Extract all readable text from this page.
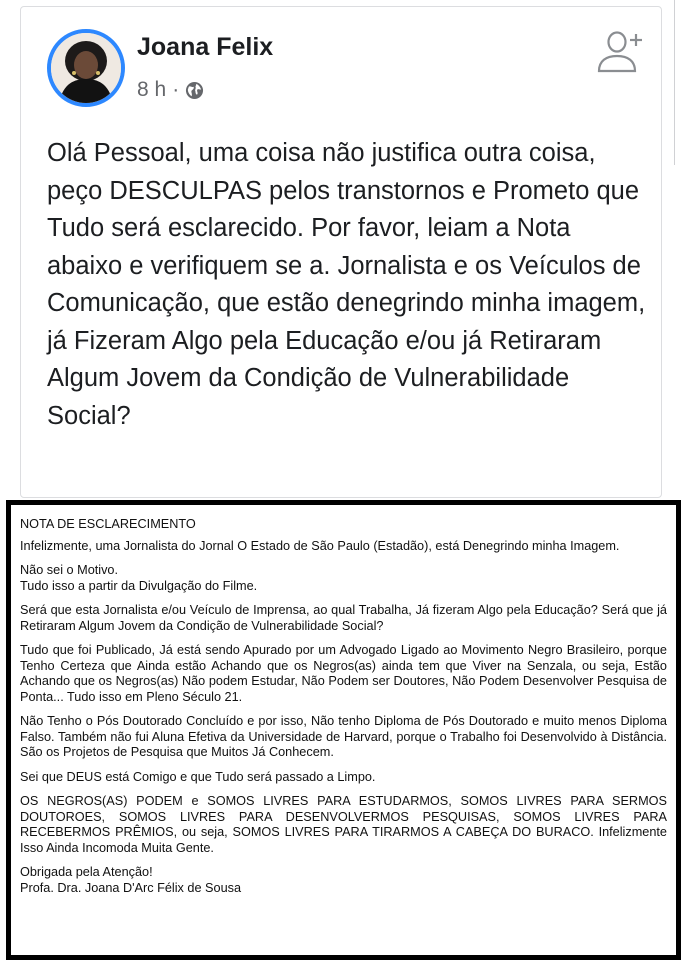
Joana Felix
8 h ·

Olá Pessoal, uma coisa não justifica outra coisa, peço DESCULPAS pelos transtornos e Prometo que Tudo será esclarecido. Por favor, leiam a Nota abaixo e verifiquem se a. Jornalista e os Veículos de Comunicação, que estão denegrindo minha imagem, já Fizeram Algo pela Educação e/ou já Retiraram Algum Jovem da Condição de Vulnerabilidade Social?

NOTA DE ESCLARECIMENTO

Infelizmente, uma Jornalista do Jornal O Estado de São Paulo (Estadão), está Denegrindo minha Imagem.

Não sei o Motivo.
Tudo isso a partir da Divulgação do Filme.

Será que esta Jornalista e/ou Veículo de Imprensa, ao qual Trabalha, Já fizeram Algo pela Educação? Será que já Retiraram Algum Jovem da Condição de Vulnerabilidade Social?

Tudo que foi Publicado, Já está sendo Apurado por um Advogado Ligado ao Movimento Negro Brasileiro, porque Tenho Certeza que Ainda estão Achando que os Negros(as) ainda tem que Viver na Senzala, ou seja, Estão Achando que os Negros(as) Não podem Estudar, Não Podem ser Doutores, Não Podem Desenvolver Pesquisa de Ponta... Tudo isso em Pleno Século 21.

Não Tenho o Pós Doutorado Concluído e por isso, Não tenho Diploma de Pós Doutorado e muito menos Diploma Falso. Também não fui Aluna Efetiva da Universidade de Harvard, porque o Trabalho foi Desenvolvido à Distância. São os Projetos de Pesquisa que Muitos Já Conhecem.

Sei que DEUS está Comigo e que Tudo será passado a Limpo.

OS NEGROS(AS) PODEM e SOMOS LIVRES PARA ESTUDARMOS, SOMOS LIVRES PARA SERMOS DOUTOROES, SOMOS LIVRES PARA DESENVOLVERMOS PESQUISAS, SOMOS LIVRES PARA RECEBERMOS PRÊMIOS, ou seja, SOMOS LIVRES PARA TIRARMOS A CABEÇA DO BURACO. Infelizmente Isso Ainda Incomoda Muita Gente.

Obrigada pela Atenção!
Profa. Dra. Joana D'Arc Félix de Sousa
